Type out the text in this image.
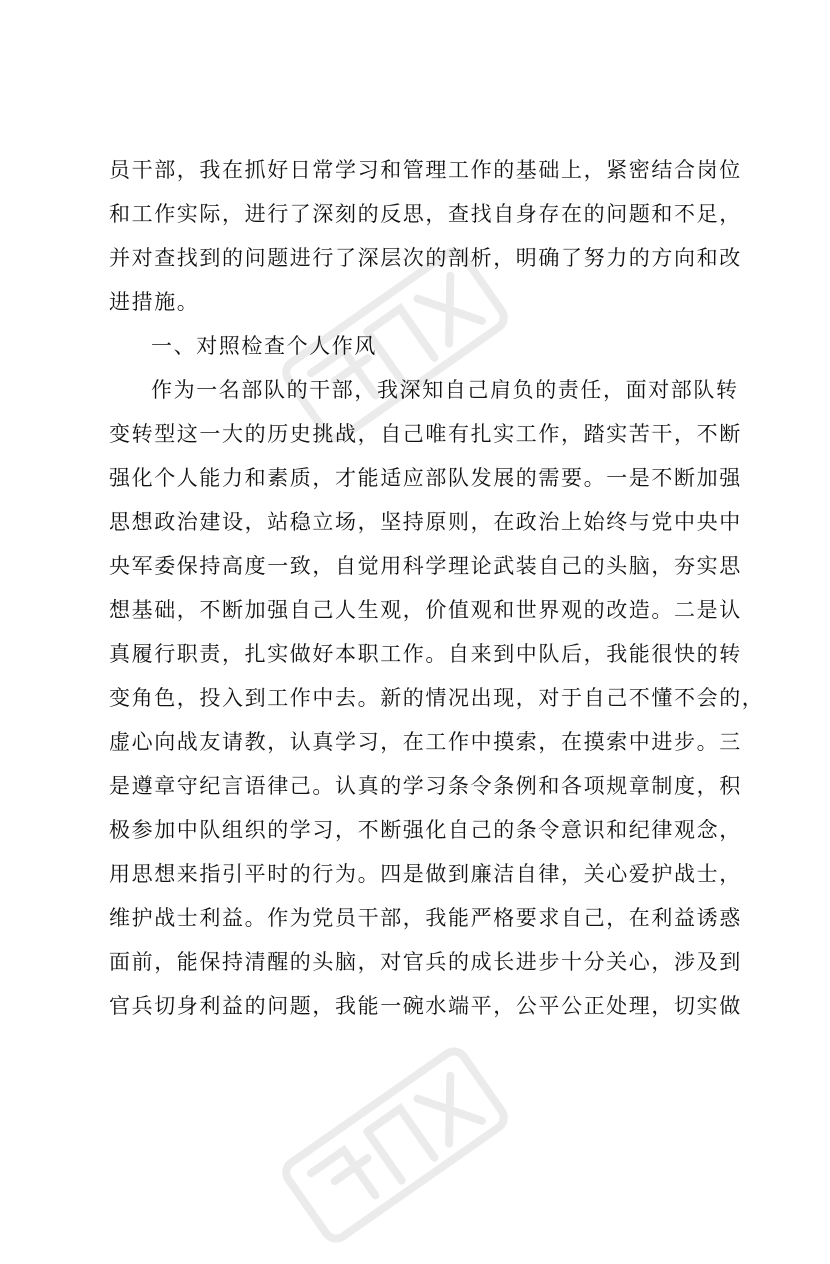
员干部，我在抓好日常学习和管理工作的基础上，紧密结合岗位
和工作实际，进行了深刻的反思，查找自身存在的问题和不足，
并对查找到的问题进行了深层次的剖析，明确了努力的方向和改
进措施。
一、对照检查个人作风
作为一名部队的干部，我深知自己肩负的责任，面对部队转
变转型这一大的历史挑战，自己唯有扎实工作，踏实苦干，不断
强化个人能力和素质，才能适应部队发展的需要。一是不断加强
思想政治建设，站稳立场，坚持原则，在政治上始终与党中央中
央军委保持高度一致，自觉用科学理论武装自己的头脑，夯实思
想基础，不断加强自己人生观，价值观和世界观的改造。二是认
真履行职责，扎实做好本职工作。自来到中队后，我能很快的转
变角色，投入到工作中去。新的情况出现，对于自己不懂不会的，
虚心向战友请教，认真学习，在工作中摸索，在摸索中进步。三
是遵章守纪言语律己。认真的学习条令条例和各项规章制度，积
极参加中队组织的学习，不断强化自己的条令意识和纪律观念，
用思想来指引平时的行为。四是做到廉洁自律，关心爱护战士，
维护战士利益。作为党员干部，我能严格要求自己，在利益诱惑
面前，能保持清醒的头脑，对官兵的成长进步十分关心，涉及到
官兵切身利益的问题，我能一碗水端平，公平公正处理，切实做
